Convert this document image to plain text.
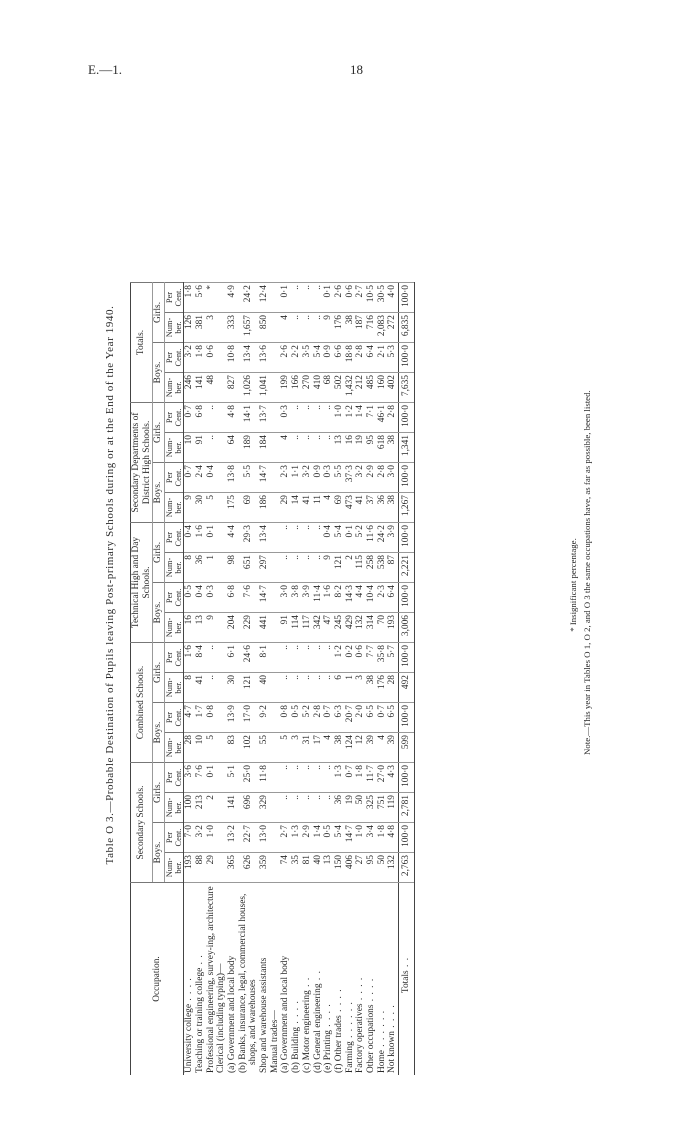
E.—1.	18
Table O 3.—Probable Destination of Pupils leaving Post-primary Schools during or at the End of the Year 1940.
Occupation.	Secondary Schools.				Combined Schools.				Technical High and Day Schools.				Secondary Departments of District High Schools.				Totals.			
	Boys.		Girls.		Boys.		Girls.		Boys.		Girls.		Boys.		Girls.		Boys.		Girls.	
	Num-ber.	Per Cent.	Num-ber.	Per Cent.	Num-ber.	Per Cent.	Num-ber.	Per Cent.	Num-ber.	Per Cent.	Num-ber.	Per Cent.	Num-ber.	Per Cent.	Num-ber.	Per Cent.	Num-ber.	Per Cent.	Num-ber.	Per Cent.
University college . . . .	193	7·0	100	3·6	28	4·7	8	1·6	16	0·5	8	0·4	9	0·7	10	0·7	246	3·2	126	1·8
Teaching or training college . .	88	3·2	213	7·6	10	1·7	41	8·4	13	0·4	36	1·6	30	2·4	91	6·8	141	1·8	381	5·6
Professional engineering, survey-ing, architecture	29	1·0	2	0·1	5	0·8	..	..	9	0·3	1	0·1	5	0·4	..	..	48	0·6	3	*
Clerical (including typing)—																				
(a) Government and local body	365	13·2	141	5·1	83	13·9	30	6·1	204	6·8	98	4·4	175	13·8	64	4·8	827	10·8	333	4·9
(b) Banks, insurance, legal, commercial houses, shops, and warehouses	626	22·7	696	25·0	102	17·0	121	24·6	229	7·6	651	29·3	69	5·5	189	14·1	1,026	13·4	1,657	24·2
Shop and warehouse assistants	359	13·0	329	11·8	55	9·2	40	8·1	441	14·7	297	13·4	186	14·7	184	13·7	1,041	13·6	850	12·4
Manual trades—																				
(a) Government and local body	74	2·7	..	..	5	0·8	..	..	91	3·0	..	..	29	2·3	4	0·3	199	2·6	4	0·1
(b) Building . . . .	35	1·3	..	..	3	0·5	..	..	114	3·8	..	..	14	1·1	..	..	166	2·2	..	..
(c) Motor engineering . .	81	2·9	..	..	31	5·2	..	..	117	3·9	..	..	41	3·2	..	..	270	3·5	..	..
(d) General engineering . .	40	1·4	..	..	17	2·8	..	..	342	11·4	..	..	11	0·9	..	..	410	5·4	..	..
(e) Printing . . . .	13	0·5	..	..	4	0·7	..	..	47	1·6	9	0·4	4	0·3	..	..	68	0·9	9	0·1
(f) Other trades . . . .	150	5·4	36	1·3	38	6·3	6	1·2	245	8·2	121	5·4	69	5·5	13	1·0	502	6·6	176	2·6
Farming . . . . . .	406	14·7	19	0·7	124	20·7	1	0·2	429	14·3	2	0·1	473	37·3	16	1·2	1,432	18·8	38	0·6
Factory operatives . . . .	27	1·0	50	1·8	12	2·0	3	0·6	132	4·4	115	5·2	41	3·2	19	1·4	212	2·8	187	2·7
Other occupations . . . .	95	3·4	325	11·7	39	6·5	38	7·7	314	10·4	258	11·6	37	2·9	95	7·1	485	6·4	716	10·5
Home . . . . . .	50	1·8	751	27·0	4	0·7	176	35·8	70	2·3	538	24·2	36	2·8	618	46·1	160	2·1	2,083	30·5
Not known . . . .	132	4·8	119	4·3	39	6·5	28	5·7	193	6·4	87	3·9	38	3·0	38	2·8	402	5·3	272	4·0
Totals . .	2,763	100·0	2,781	100·0	599	100·0	492	100·0	3,006	100·0	2,221	100·0	1,267	100·0	1,341	100·0	7,635	100·0	6,835	100·0
* Insignificant percentage. Note.—This year in Tables O 1, O 2, and O 3 the same occupations have, as far as possible, been listed.
